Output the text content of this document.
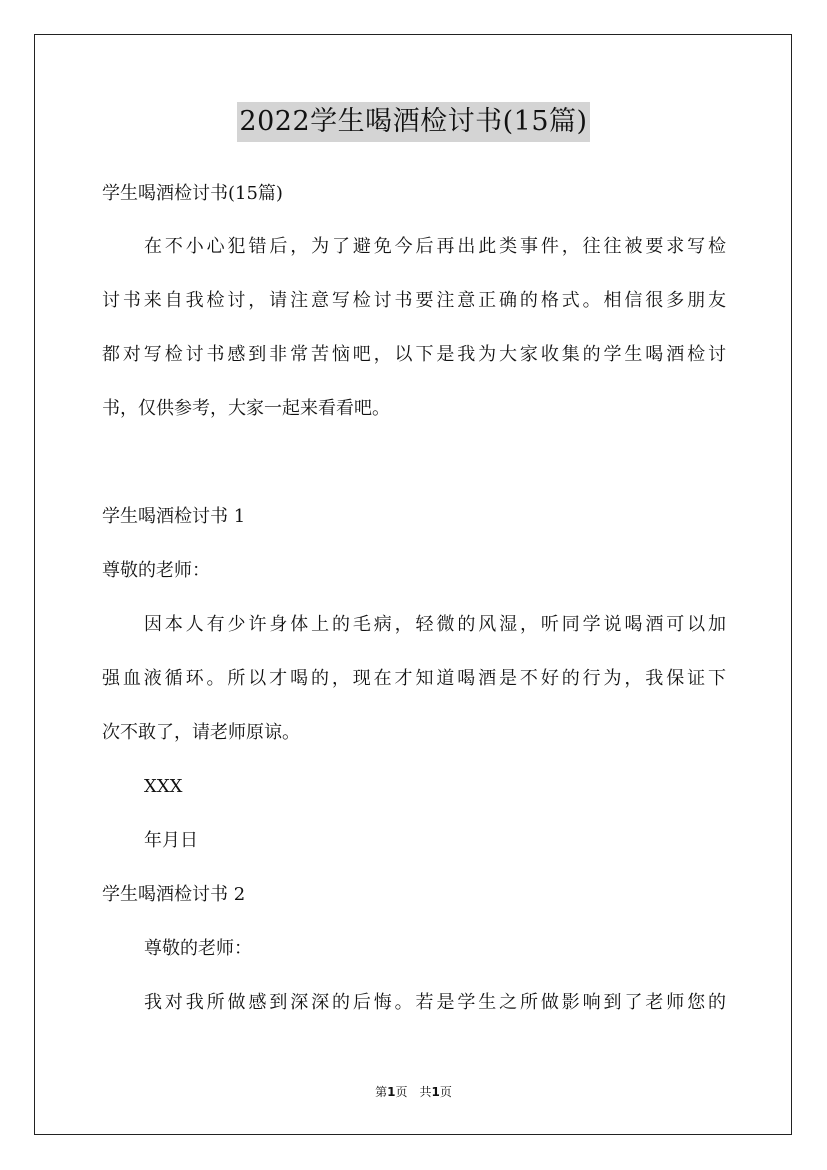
2022学生喝酒检讨书(15篇)
学生喝酒检讨书(15篇)
在不小心犯错后，为了避免今后再出此类事件，往往被要求写检
讨书来自我检讨，请注意写检讨书要注意正确的格式。相信很多朋友
都对写检讨书感到非常苦恼吧，以下是我为大家收集的学生喝酒检讨
书，仅供参考，大家一起来看看吧。
学生喝酒检讨书 1
尊敬的老师：
因本人有少许身体上的毛病，轻微的风湿，听同学说喝酒可以加
强血液循环。所以才喝的，现在才知道喝酒是不好的行为，我保证下
次不敢了，请老师原谅。
XXX
年月日
学生喝酒检讨书 2
尊敬的老师：
我对我所做感到深深的后悔。若是学生之所做影响到了老师您的
第1页　共1页
